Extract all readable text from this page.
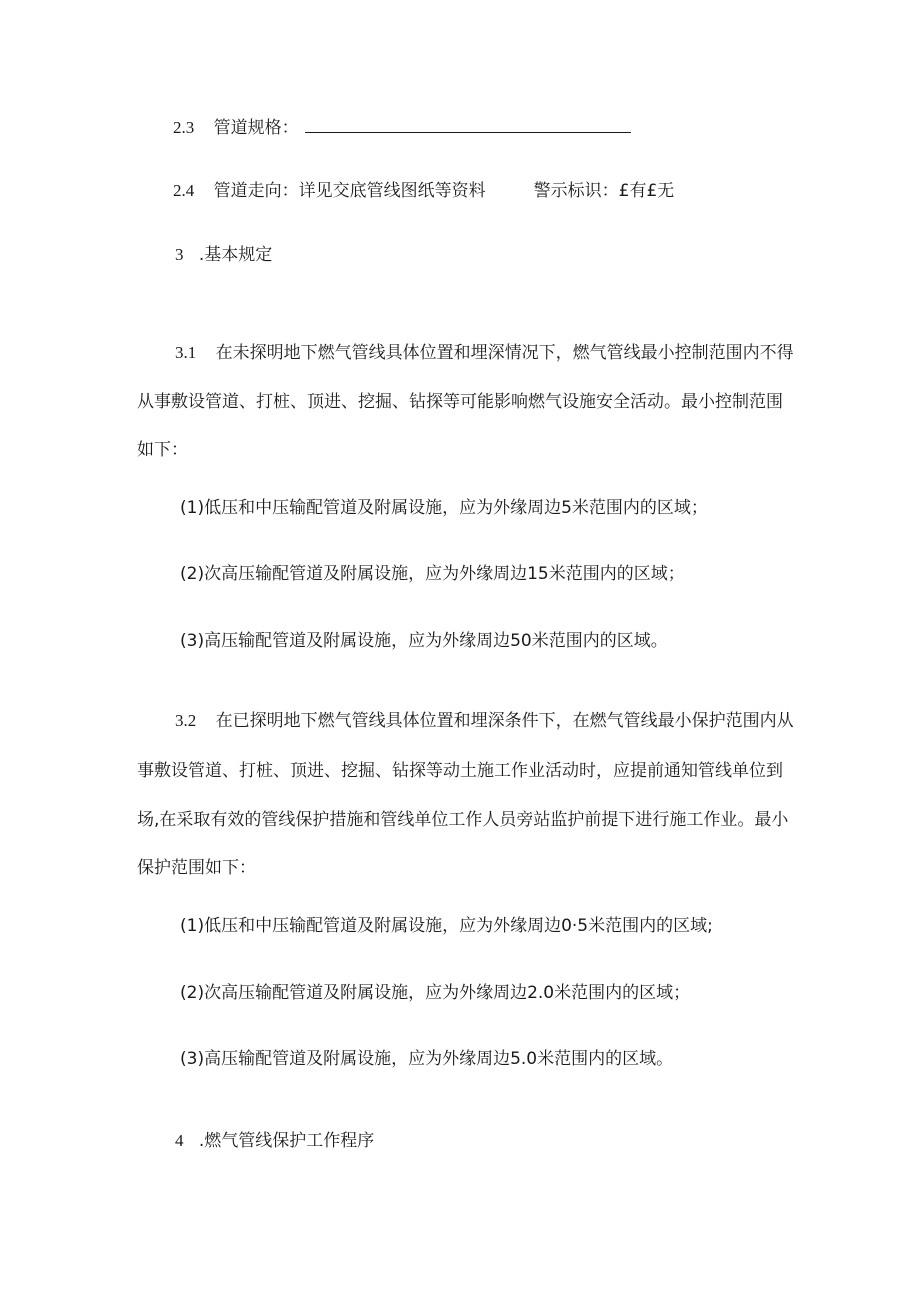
2.3 管道规格：
2.4 管道走向：详见交底管线图纸等资料	警示标识：£有£无
3 .基本规定
3.1 在未探明地下燃气管线具体位置和埋深情况下，燃气管线最小控制范围内不得
从事敷设管道、打桩、顶进、挖掘、钻探等可能影响燃气设施安全活动。最小控制范围
如下：
(1)低压和中压输配管道及附属设施，应为外缘周边5米范围内的区域；
(2)次高压输配管道及附属设施，应为外缘周边15米范围内的区域；
(3)高压输配管道及附属设施，应为外缘周边50米范围内的区域。
3.2 在已探明地下燃气管线具体位置和埋深条件下，在燃气管线最小保护范围内从
事敷设管道、打桩、顶进、挖掘、钻探等动土施工作业活动时，应提前通知管线单位到
场,在采取有效的管线保护措施和管线单位工作人员旁站监护前提下进行施工作业。最小
保护范围如下：
(1)低压和中压输配管道及附属设施，应为外缘周边0·5米范围内的区域;
(2)次高压输配管道及附属设施，应为外缘周边2.0米范围内的区域；
(3)高压输配管道及附属设施，应为外缘周边5.0米范围内的区域。
4 .燃气管线保护工作程序
